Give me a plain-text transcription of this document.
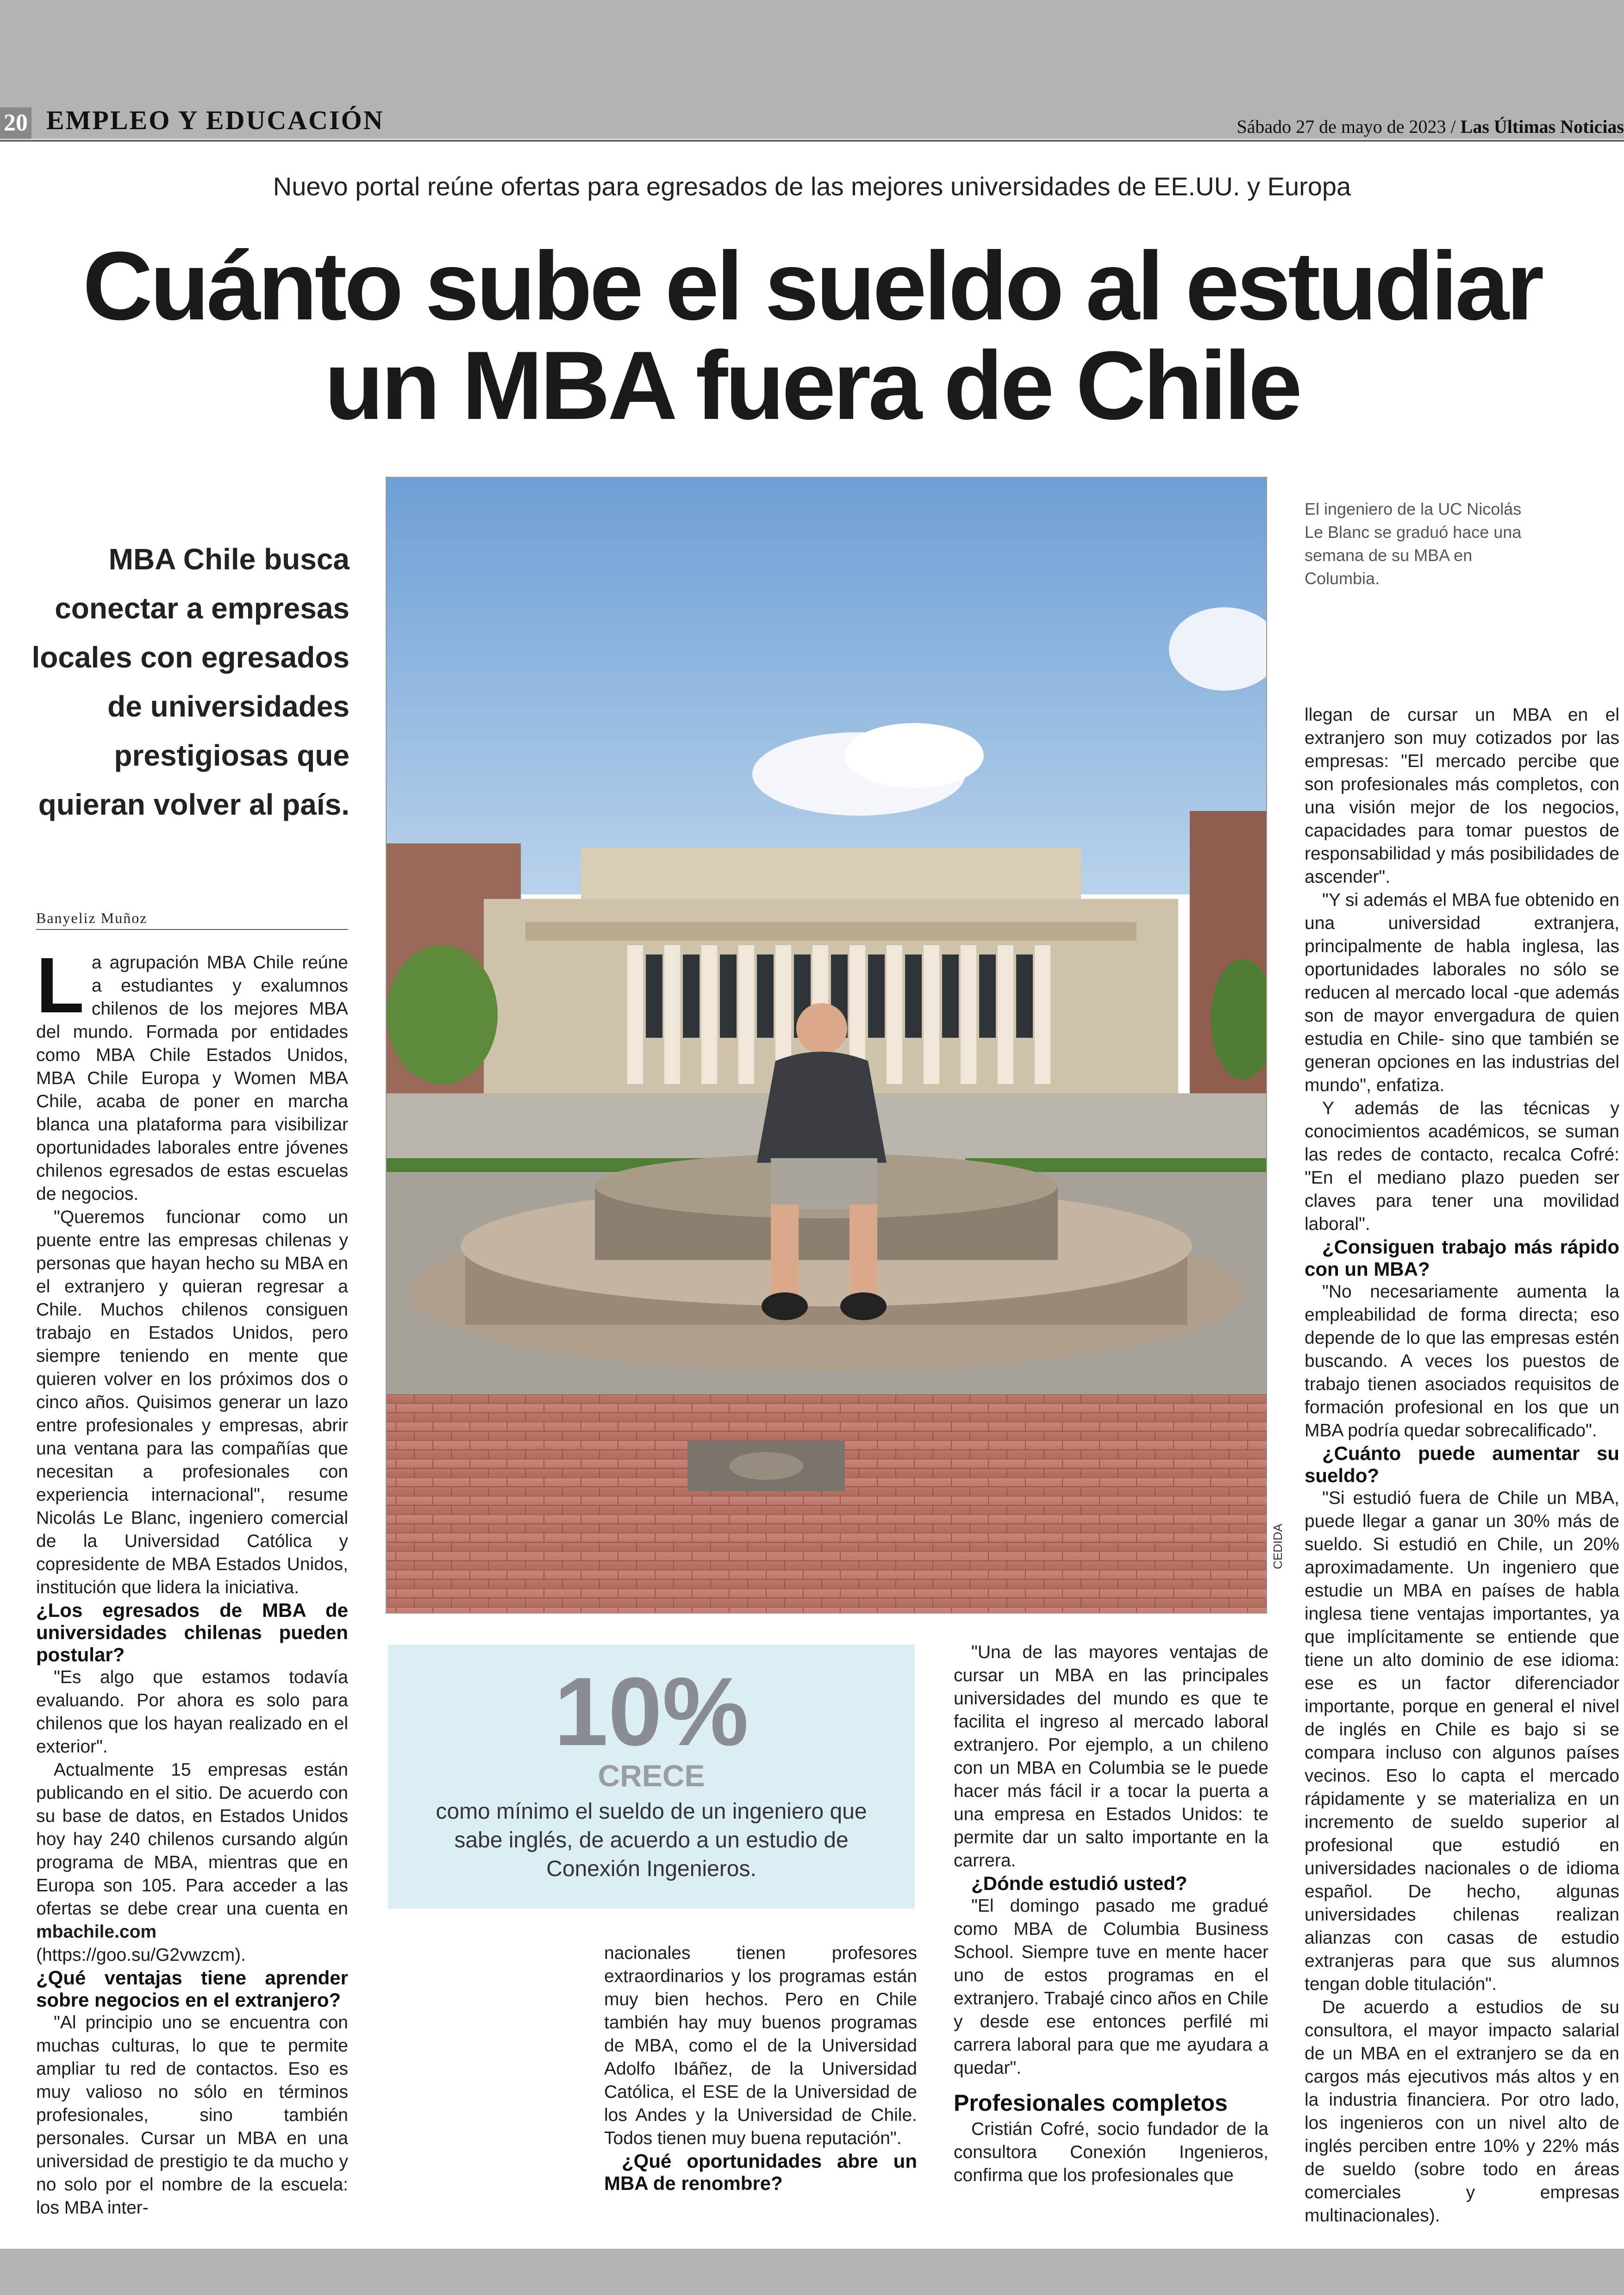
20 EMPLEO Y EDUCACIÓN	Sábado 27 de mayo de 2023 / Las Últimas Noticias
Nuevo portal reúne ofertas para egresados de las mejores universidades de EE.UU. y Europa
Cuánto sube el sueldo al estudiar
un MBA fuera de Chile
MBA Chile busca
conectar a empresas
locales con egresados
de universidades
prestigiosas que
quieran volver al país.
El ingeniero de la UC Nicolás Le Blanc se graduó hace una semana de su MBA en Columbia.
CEDIDA
Banyeliz Muñoz

La agrupación MBA Chile reúne a estudiantes y exalumnos chilenos de los mejores MBA del mundo. Formada por entidades como MBA Chile Estados Unidos, MBA Chile Europa y Women MBA Chile, acaba de poner en marcha blanca una plataforma para visibilizar oportunidades laborales entre jóvenes chilenos egresados de estas escuelas de negocios.

"Queremos funcionar como un puente entre las empresas chilenas y personas que hayan hecho su MBA en el extranjero y quieran regresar a Chile. Muchos chilenos consiguen trabajo en Estados Unidos, pero siempre teniendo en mente que quieren volver en los próximos dos o cinco años. Quisimos generar un lazo entre profesionales y empresas, abrir una ventana para las compañías que necesitan a profesionales con experiencia internacional", resume Nicolás Le Blanc, ingeniero comercial de la Universidad Católica y copresidente de MBA Estados Unidos, institución que lidera la iniciativa.

¿Los egresados de MBA de universidades chilenas pueden postular?

"Es algo que estamos todavía evaluando. Por ahora es solo para chilenos que los hayan realizado en el exterior".

Actualmente 15 empresas están publicando en el sitio. De acuerdo con su base de datos, en Estados Unidos hoy hay 240 chilenos cursando algún programa de MBA, mientras que en Europa son 105. Para acceder a las ofertas se debe crear una cuenta en mbachile.com (https://goo.su/G2vwzcm).

¿Qué ventajas tiene aprender sobre negocios en el extranjero?

"Al principio uno se encuentra con muchas culturas, lo que te permite ampliar tu red de contactos. Eso es muy valioso no sólo en términos profesionales, sino también personales. Cursar un MBA en una universidad de prestigio te da mucho y no solo por el nombre de la escuela: los MBA inter-

10%
CRECE
como mínimo el sueldo de un ingeniero que sabe inglés, de acuerdo a un estudio de Conexión Ingenieros.

nacionales tienen profesores extraordinarios y los programas están muy bien hechos. Pero en Chile también hay muy buenos programas de MBA, como el de la Universidad Adolfo Ibáñez, de la Universidad Católica, el ESE de la Universidad de los Andes y la Universidad de Chile. Todos tienen muy buena reputación".

¿Qué oportunidades abre un MBA de renombre?

"Una de las mayores ventajas de cursar un MBA en las principales universidades del mundo es que te facilita el ingreso al mercado laboral extranjero. Por ejemplo, a un chileno con un MBA en Columbia se le puede hacer más fácil ir a tocar la puerta a una empresa en Estados Unidos: te permite dar un salto importante en la carrera.

¿Dónde estudió usted?

"El domingo pasado me gradué como MBA de Columbia Business School. Siempre tuve en mente hacer uno de estos programas en el extranjero. Trabajé cinco años en Chile y desde ese entonces perfilé mi carrera laboral para que me ayudara a quedar".

Profesionales completos

Cristián Cofré, socio fundador de la consultora Conexión Ingenieros, confirma que los profesionales que

llegan de cursar un MBA en el extranjero son muy cotizados por las empresas: "El mercado percibe que son profesionales más completos, con una visión mejor de los negocios, capacidades para tomar puestos de responsabilidad y más posibilidades de ascender".

"Y si además el MBA fue obtenido en una universidad extranjera, principalmente de habla inglesa, las oportunidades laborales no sólo se reducen al mercado local -que además son de mayor envergadura de quien estudia en Chile- sino que también se generan opciones en las industrias del mundo", enfatiza.

Y además de las técnicas y conocimientos académicos, se suman las redes de contacto, recalca Cofré: "En el mediano plazo pueden ser claves para tener una movilidad laboral".

¿Consiguen trabajo más rápido con un MBA?

"No necesariamente aumenta la empleabilidad de forma directa; eso depende de lo que las empresas estén buscando. A veces los puestos de trabajo tienen asociados requisitos de formación profesional en los que un MBA podría quedar sobrecalificado".

¿Cuánto puede aumentar su sueldo?

"Si estudió fuera de Chile un MBA, puede llegar a ganar un 30% más de sueldo. Si estudió en Chile, un 20% aproximadamente. Un ingeniero que estudie un MBA en países de habla inglesa tiene ventajas importantes, ya que implícitamente se entiende que tiene un alto dominio de ese idioma: ese es un factor diferenciador importante, porque en general el nivel de inglés en Chile es bajo si se compara incluso con algunos países vecinos. Eso lo capta el mercado rápidamente y se materializa en un incremento de sueldo superior al profesional que estudió en universidades nacionales o de idioma español. De hecho, algunas universidades chilenas realizan alianzas con casas de estudio extranjeras para que sus alumnos tengan doble titulación".

De acuerdo a estudios de su consultora, el mayor impacto salarial de un MBA en el extranjero se da en cargos más ejecutivos más altos y en la industria financiera. Por otro lado, los ingenieros con un nivel alto de inglés perciben entre 10% y 22% más de sueldo (sobre todo en áreas comerciales y empresas multinacionales).
